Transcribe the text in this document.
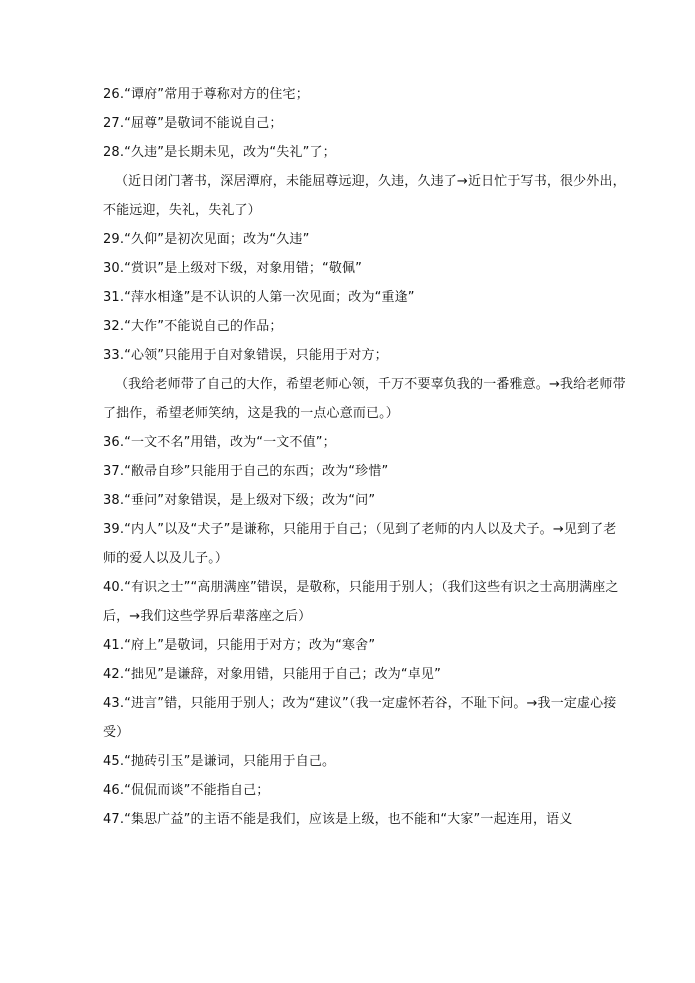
26.“谭府”常用于尊称对方的住宅；

27.“屈尊”是敬词不能说自己；

28.“久违”是长期未见，改为“失礼”了；

（近日闭门著书，深居潭府，未能屈尊远迎，久违，久违了→近日忙于写书，很少外出，不能远迎，失礼，失礼了）

29.“久仰”是初次见面；改为“久违”

30.“赏识”是上级对下级，对象用错；“敬佩”

31.“萍水相逢”是不认识的人第一次见面；改为“重逢”

32.“大作”不能说自己的作品；

33.“心领”只能用于自对象错误，只能用于对方；

（我给老师带了自己的大作，希望老师心领，千万不要辜负我的一番雅意。→我给老师带了拙作，希望老师笑纳，这是我的一点心意而已。）

36.“一文不名”用错，改为“一文不值”；

37.“敝帚自珍”只能用于自己的东西；改为“珍惜”

38.“垂问”对象错误，是上级对下级；改为“问”

39.“内人”以及“犬子”是谦称，只能用于自己；（见到了老师的内人以及犬子。→见到了老师的爱人以及儿子。）

40.“有识之士”“高朋满座”错误，是敬称，只能用于别人；（我们这些有识之士高朋满座之后，→我们这些学界后辈落座之后）

41.“府上”是敬词，只能用于对方；改为“寒舍”

42.“拙见”是谦辞，对象用错，只能用于自己；改为“卓见”

43.“进言”错，只能用于别人；改为“建议”（我一定虚怀若谷，不耻下问。→我一定虚心接受）

45.“抛砖引玉”是谦词，只能用于自己。

46.“侃侃而谈”不能指自己；

47.“集思广益”的主语不能是我们，应该是上级，也不能和“大家”一起连用，语义
